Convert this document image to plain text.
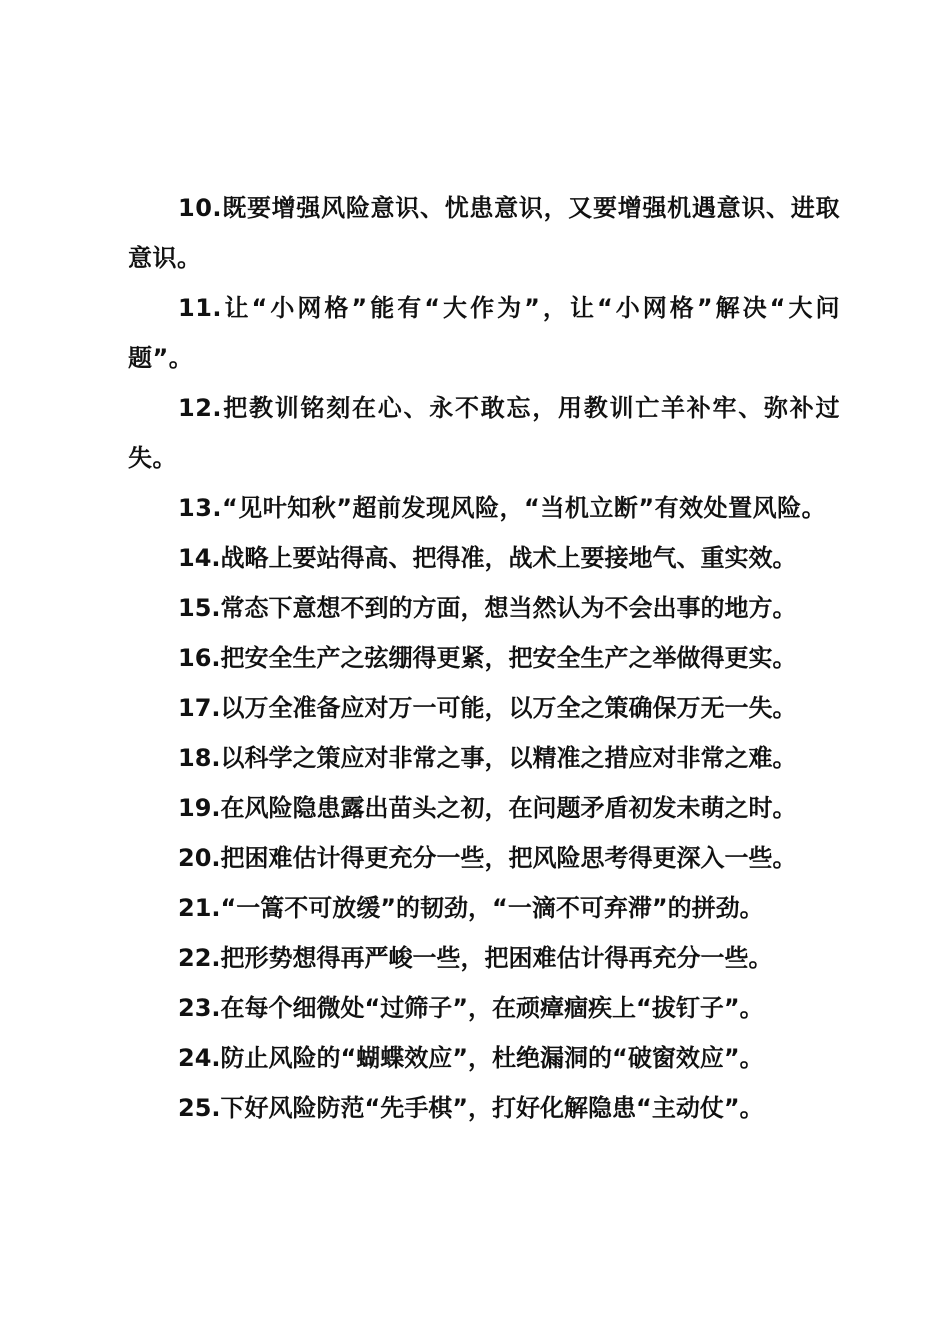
10.既要增强风险意识、忧患意识，又要增强机遇意识、进取意识。

11.让“小网格”能有“大作为”，让“小网格”解决“大问题”。

12.把教训铭刻在心、永不敢忘，用教训亡羊补牢、弥补过失。

13.“见叶知秋”超前发现风险，“当机立断”有效处置风险。

14.战略上要站得高、把得准，战术上要接地气、重实效。

15.常态下意想不到的方面，想当然认为不会出事的地方。

16.把安全生产之弦绷得更紧，把安全生产之举做得更实。

17.以万全准备应对万一可能，以万全之策确保万无一失。

18.以科学之策应对非常之事，以精准之措应对非常之难。

19.在风险隐患露出苗头之初，在问题矛盾初发未萌之时。

20.把困难估计得更充分一些，把风险思考得更深入一些。

21.“一篙不可放缓”的韧劲，“一滴不可弃滞”的拼劲。

22.把形势想得再严峻一些，把困难估计得再充分一些。

23.在每个细微处“过筛子”，在顽瘴痼疾上“拔钉子”。

24.防止风险的“蝴蝶效应”，杜绝漏洞的“破窗效应”。

25.下好风险防范“先手棋”，打好化解隐患“主动仗”。
